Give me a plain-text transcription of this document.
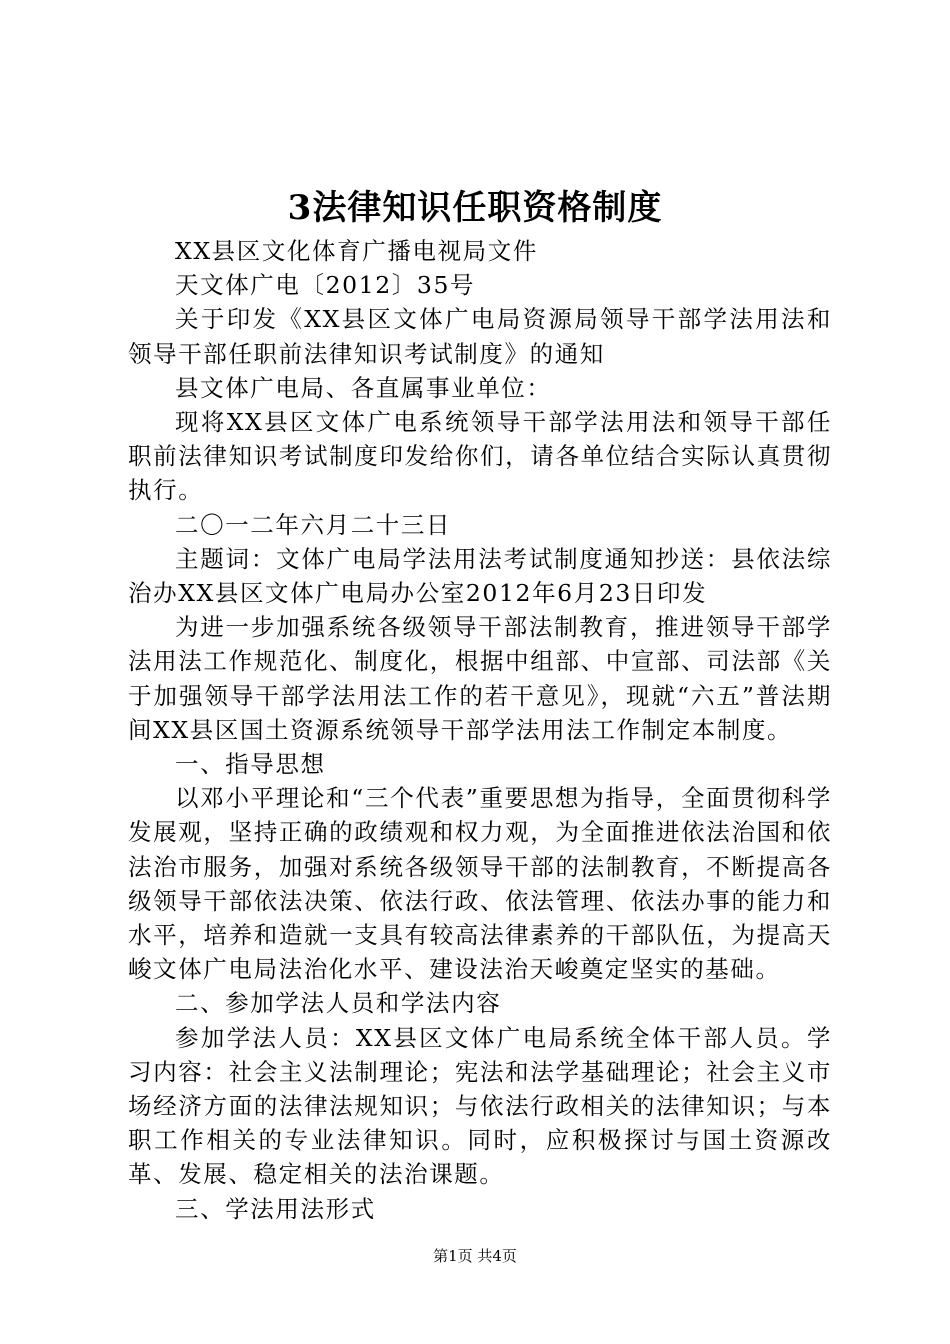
3法律知识任职资格制度

XX县区文化体育广播电视局文件

天文体广电〔2012〕35号

关于印发《XX县区文体广电局资源局领导干部学法用法和领导干部任职前法律知识考试制度》的通知

县文体广电局、各直属事业单位：

现将XX县区文体广电系统领导干部学法用法和领导干部任职前法律知识考试制度印发给你们，请各单位结合实际认真贯彻执行。

二〇一二年六月二十三日

主题词：文体广电局学法用法考试制度通知抄送：县依法综治办XX县区文体广电局办公室2012年6月23日印发

为进一步加强系统各级领导干部法制教育，推进领导干部学法用法工作规范化、制度化，根据中组部、中宣部、司法部《关于加强领导干部学法用法工作的若干意见》，现就“六五”普法期间XX县区国土资源系统领导干部学法用法工作制定本制度。

一、指导思想

以邓小平理论和“三个代表”重要思想为指导，全面贯彻科学发展观，坚持正确的政绩观和权力观，为全面推进依法治国和依法治市服务，加强对系统各级领导干部的法制教育，不断提高各级领导干部依法决策、依法行政、依法管理、依法办事的能力和水平，培养和造就一支具有较高法律素养的干部队伍，为提高天峻文体广电局法治化水平、建设法治天峻奠定坚实的基础。

二、参加学法人员和学法内容

参加学法人员：XX县区文体广电局系统全体干部人员。学习内容：社会主义法制理论；宪法和法学基础理论；社会主义市场经济方面的法律法规知识；与依法行政相关的法律知识；与本职工作相关的专业法律知识。同时，应积极探讨与国土资源改革、发展、稳定相关的法治课题。

三、学法用法形式

第1页 共4页
